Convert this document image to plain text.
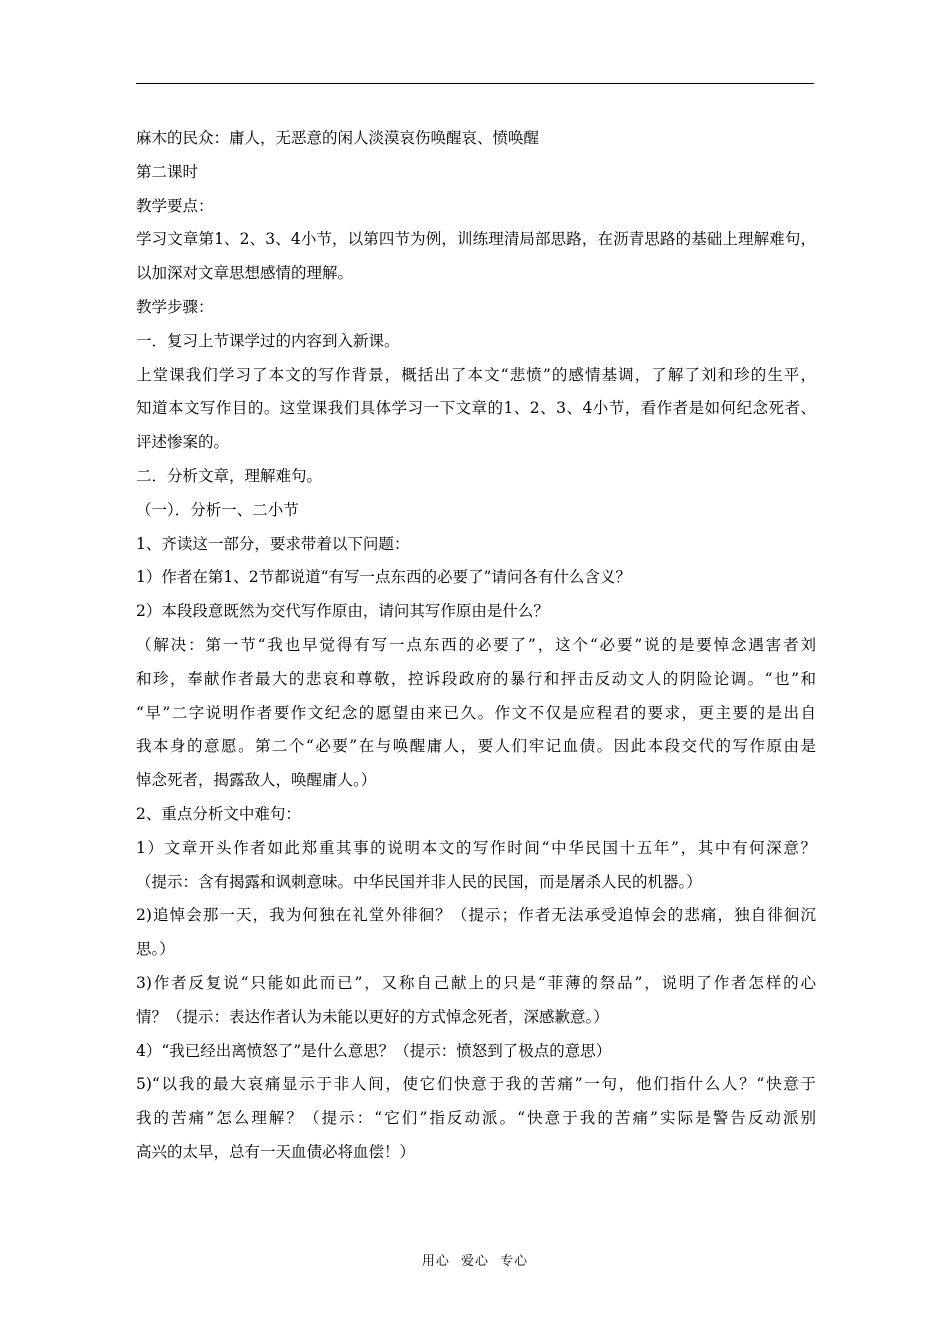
麻木的民众：庸人，无恶意的闲人淡漠哀伤唤醒哀、愤唤醒
第二课时
教学要点：
学习文章第1、2、3、4小节，以第四节为例，训练理清局部思路，在沥青思路的基础上理解难句，
以加深对文章思想感情的理解。
教学步骤：
一．复习上节课学过的内容到入新课。
上堂课我们学习了本文的写作背景，概括出了本文“悲愤”的感情基调，了解了刘和珍的生平，
知道本文写作目的。这堂课我们具体学习一下文章的1、2、3、4小节，看作者是如何纪念死者、
评述惨案的。
二．分析文章，理解难句。
（一）．分析一、二小节
1、齐读这一部分，要求带着以下问题：
1）作者在第1、2节都说道“有写一点东西的必要了”请问各有什么含义？
2）本段段意既然为交代写作原由，请问其写作原由是什么？
（解决：第一节“我也早觉得有写一点东西的必要了”，这个“必要”说的是要悼念遇害者刘
和珍，奉献作者最大的悲哀和尊敬，控诉段政府的暴行和抨击反动文人的阴险论调。“也”和
“早”二字说明作者要作文纪念的愿望由来已久。作文不仅是应程君的要求，更主要的是出自
我本身的意愿。第二个“必要”在与唤醒庸人，要人们牢记血债。因此本段交代的写作原由是
悼念死者，揭露敌人，唤醒庸人。）
2、重点分析文中难句：
1）文章开头作者如此郑重其事的说明本文的写作时间“中华民国十五年”，其中有何深意？
（提示：含有揭露和讽刺意味。中华民国并非人民的民国，而是屠杀人民的机器。）
2)追悼会那一天，我为何独在礼堂外徘徊？（提示；作者无法承受追悼会的悲痛，独自徘徊沉
思。）
3)作者反复说“只能如此而已”，又称自己献上的只是“菲薄的祭品”，说明了作者怎样的心
情？（提示：表达作者认为未能以更好的方式悼念死者，深感歉意。）
4）“我已经出离愤怒了”是什么意思？（提示：愤怒到了极点的意思）
5)“以我的最大哀痛显示于非人间，使它们快意于我的苦痛”一句，他们指什么人？“快意于
我的苦痛”怎么理解？（提示：“它们”指反动派。“快意于我的苦痛”实际是警告反动派别
高兴的太早，总有一天血债必将血偿！）
用心 爱心 专心
